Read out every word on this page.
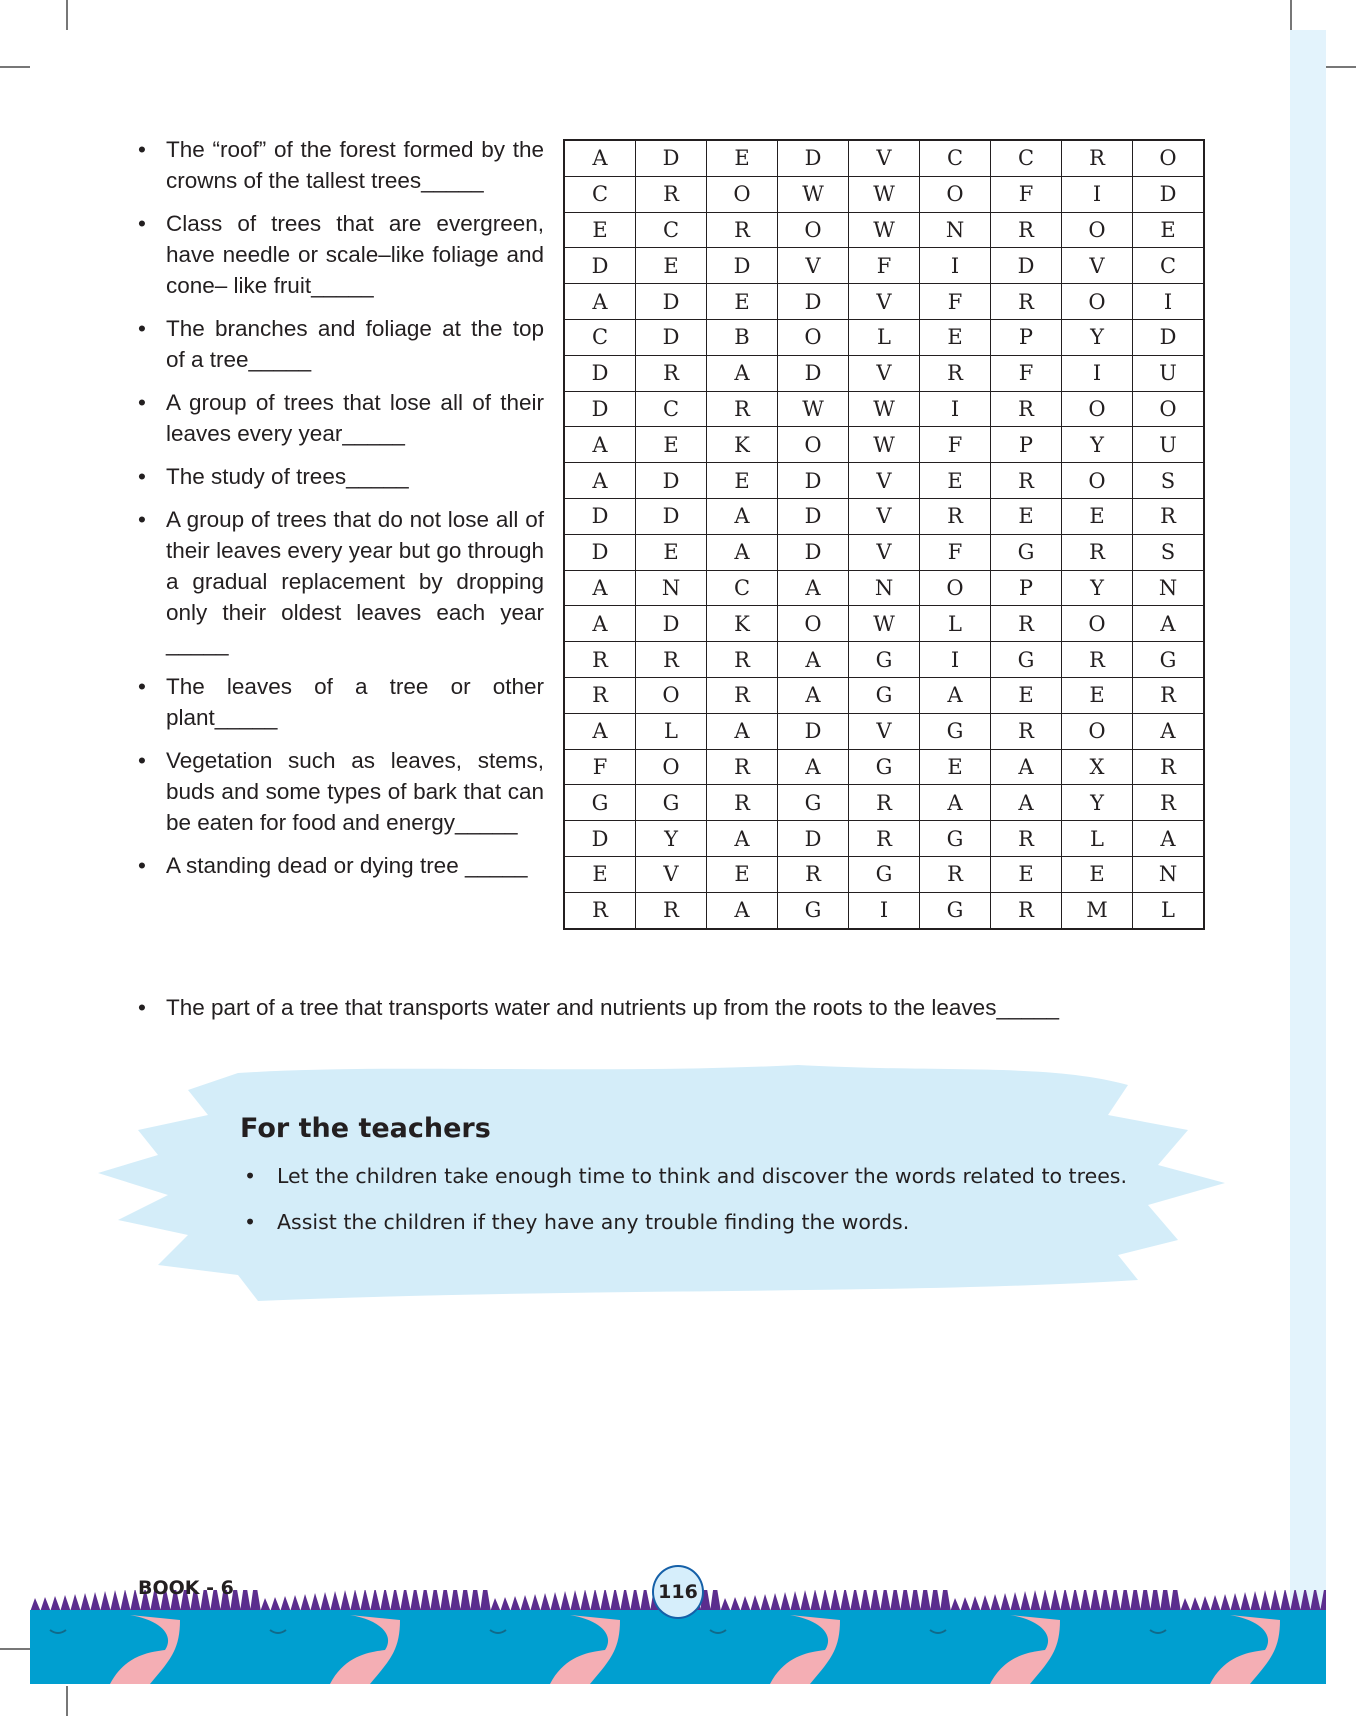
• The “roof” of the forest formed by the crowns of the tallest trees_____
• Class of trees that are evergreen, have needle or scale–like foliage and cone– like fruit_____
• The branches and foliage at the top of a tree_____
• A group of trees that lose all of their leaves every year_____
• The study of trees_____
• A group of trees that do not lose all of their leaves every year but go through a gradual replacement by dropping only their oldest leaves each year _____
• The leaves of a tree or other plant_____
• Vegetation such as leaves, stems, buds and some types of bark that can be eaten for food and energy_____
• A standing dead or dying tree _____
• The part of a tree that transports water and nutrients up from the roots to the leaves_____
A	D	E	D	V	C	C	R	O
C	R	O	W	W	O	F	I	D
E	C	R	O	W	N	R	O	E
D	E	D	V	F	I	D	V	C
A	D	E	D	V	F	R	O	I
C	D	B	O	L	E	P	Y	D
D	R	A	D	V	R	F	I	U
D	C	R	W	W	I	R	O	O
A	E	K	O	W	F	P	Y	U
A	D	E	D	V	E	R	O	S
D	D	A	D	V	R	E	E	R
D	E	A	D	V	F	G	R	S
A	N	C	A	N	O	P	Y	N
A	D	K	O	W	L	R	O	A
R	R	R	A	G	I	G	R	G
R	O	R	A	G	A	E	E	R
A	L	A	D	V	G	R	O	A
F	O	R	A	G	E	A	X	R
G	G	R	G	R	A	A	Y	R
D	Y	A	D	R	G	R	L	A
E	V	E	R	G	R	E	E	N
R	R	A	G	I	G	R	M	L
For the teachers
• Let the children take enough time to think and discover the words related to trees.
• Assist the children if they have any trouble finding the words.
BOOK - 6	116
